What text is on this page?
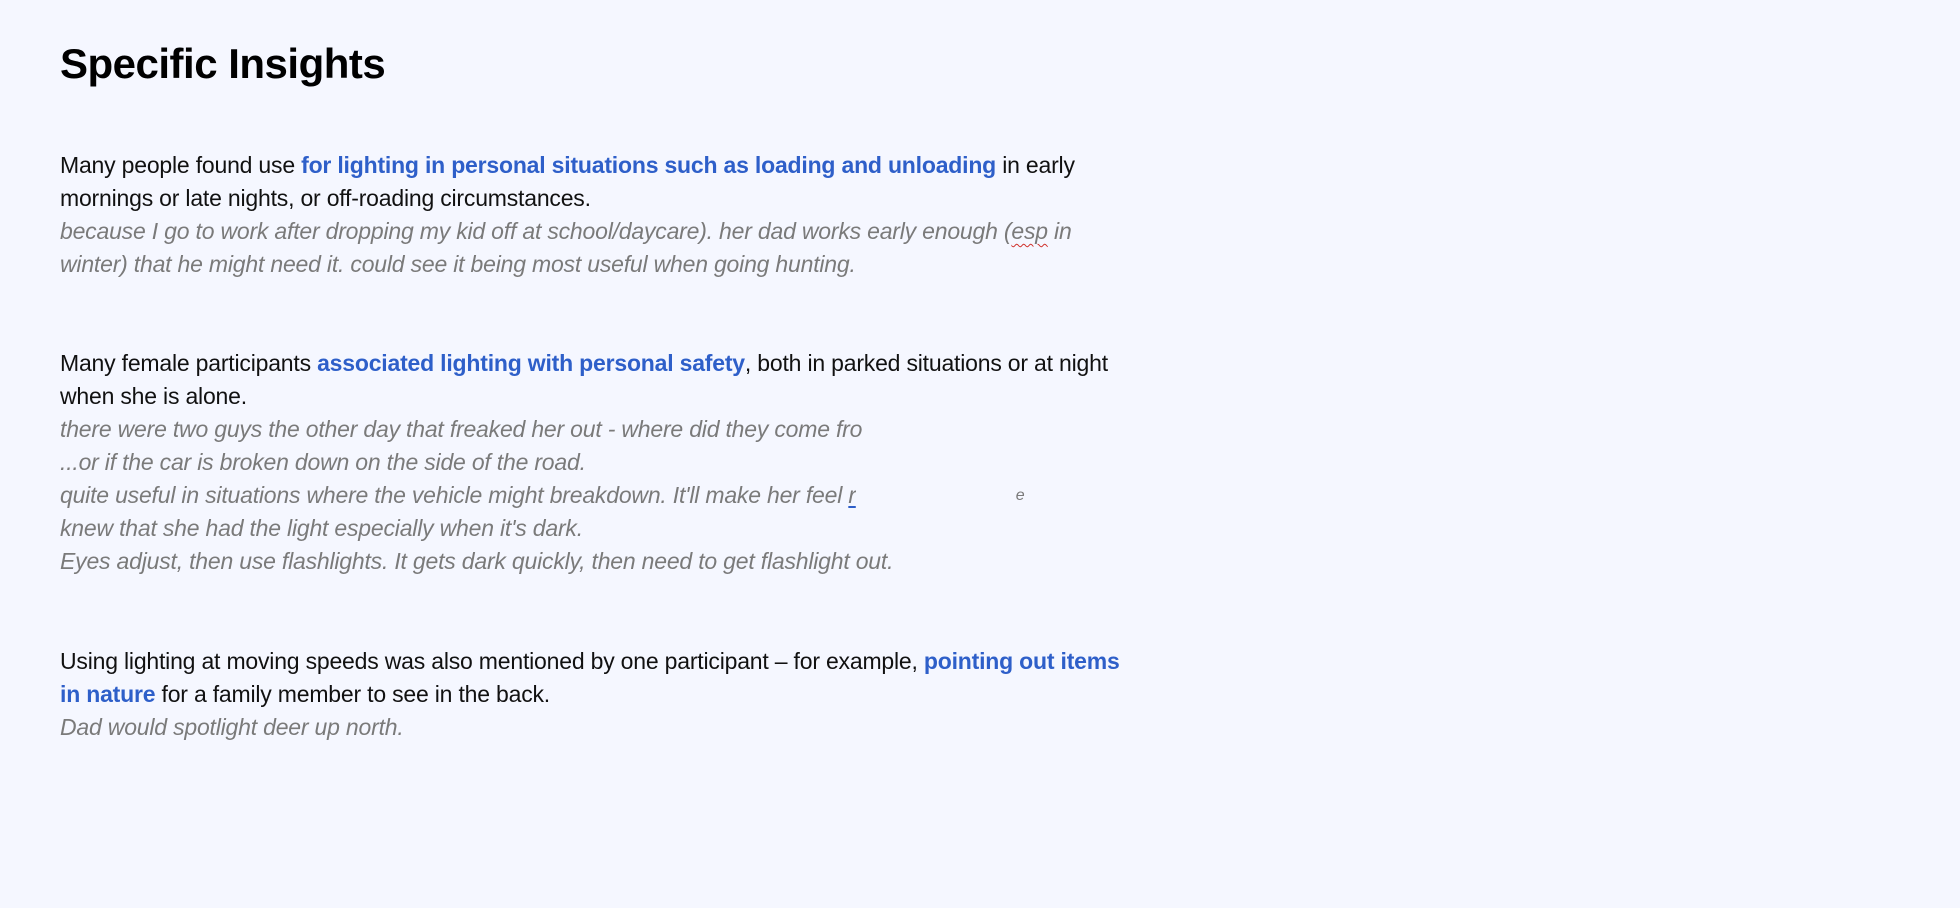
Specific Insights

Many people found use for lighting in personal situations such as loading and unloading in early mornings or late nights, or off-roading circumstances.

because I go to work after dropping my kid off at school/daycare). her dad works early enough (esp in winter) that he might need it. could see it being most useful when going hunting.

Many female participants associated lighting with personal safety, both in parked situations or at night when she is alone.

there were two guys the other day that freaked her out - where did they come fro
...or if the car is broken down on the side of the road.
quite useful in situations where the vehicle might breakdown. It'll make her feel r	$^e$
knew that she had the light especially when it's dark.
Eyes adjust, then use flashlights. It gets dark quickly, then need to get flashlight out.

Using lighting at moving speeds was also mentioned by one participant – for example, pointing out items in nature for a family member to see in the back.

Dad would spotlight deer up north.
